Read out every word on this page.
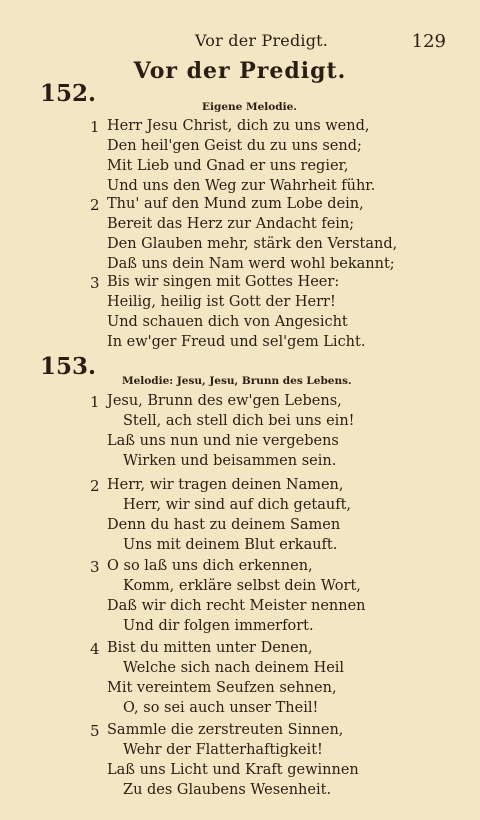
Vor der Predigt.	129
Vor der Predigt.
152.	Eigene Melodie.
1 Herr Jesu Christ, dich zu uns wend,
Den heil'gen Geist du zu uns send;
Mit Lieb und Gnad er uns regier,
Und uns den Weg zur Wahrheit führ.
2 Thu' auf den Mund zum Lobe dein,
Bereit das Herz zur Andacht fein;
Den Glauben mehr, stärk den Verstand,
Daß uns dein Nam werd wohl bekannt;
3 Bis wir singen mit Gottes Heer:
Heilig, heilig ist Gott der Herr!
Und schauen dich von Angesicht
In ew'ger Freud und sel'gem Licht.
153.
Melodie: Jesu, Jesu, Brunn des Lebens.
1 Jesu, Brunn des ew'gen Lebens,
Stell, ach stell dich bei uns ein!
Laß uns nun und nie vergebens
Wirken und beisammen sein.
2 Herr, wir tragen deinen Namen,
Herr, wir sind auf dich getauft,
Denn du hast zu deinem Samen
Uns mit deinem Blut erkauft.
3 O so laß uns dich erkennen,
Komm, erkläre selbst dein Wort,
Daß wir dich recht Meister nennen
Und dir folgen immerfort.
4 Bist du mitten unter Denen,
Welche sich nach deinem Heil
Mit vereintem Seufzen sehnen,
O, so sei auch unser Theil!
5 Sammle die zerstreuten Sinnen,
Wehr der Flatterhaftigkeit!
Laß uns Licht und Kraft gewinnen
Zu des Glaubens Wesenheit.
